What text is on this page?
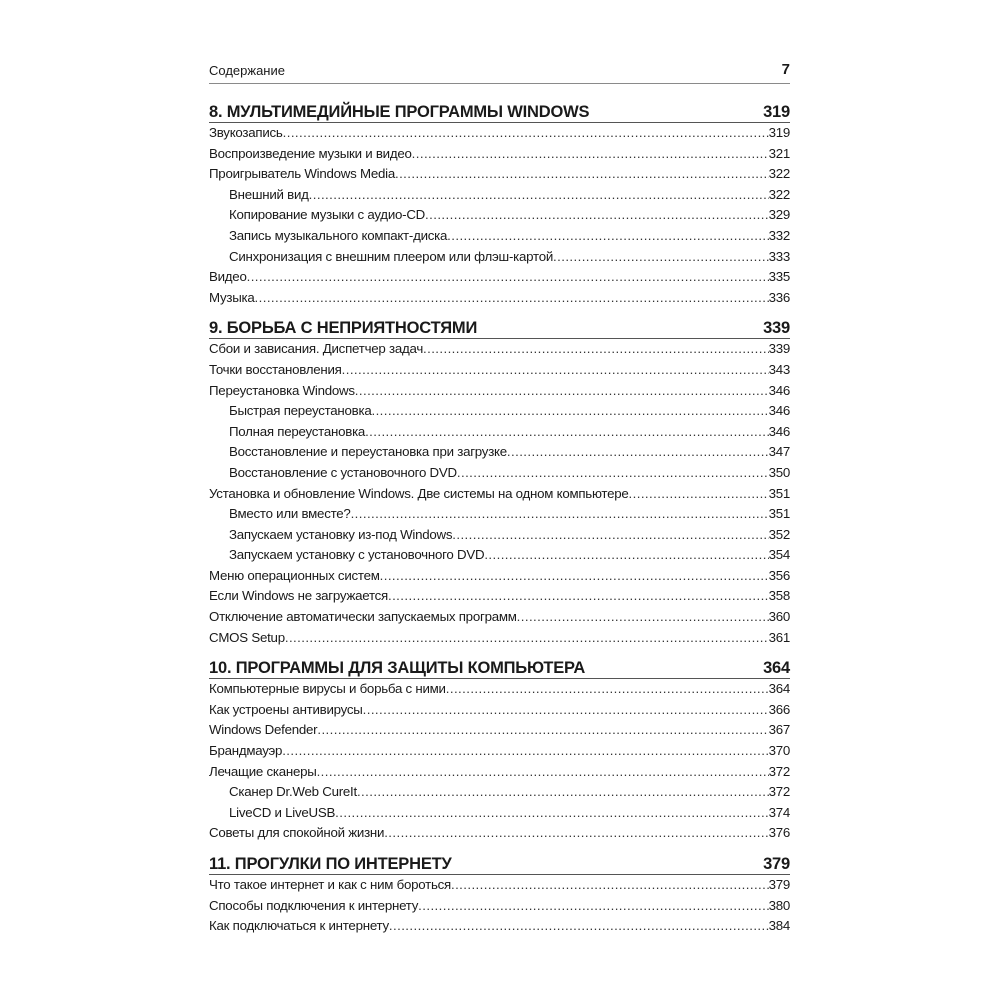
Содержание	7
8. МУЛЬТИМЕДИЙНЫЕ ПРОГРАММЫ WINDOWS	319
Звукозапись .....	319
Воспроизведение музыки и видео .....	321
Проигрыватель Windows Media .....	322
Внешний вид .....	322
Копирование музыки с аудио-CD .....	329
Запись музыкального компакт-диска .....	332
Синхронизация с внешним плеером или флэш-картой .....	333
Видео .....	335
Музыка .....	336
9. БОРЬБА С НЕПРИЯТНОСТЯМИ	339
Сбои и зависания. Диспетчер задач .....	339
Точки восстановления .....	343
Переустановка Windows .....	346
Быстрая переустановка .....	346
Полная переустановка .....	346
Восстановление и переустановка при загрузке .....	347
Восстановление с установочного DVD .....	350
Установка и обновление Windows. Две системы на одном компьютере .....	351
Вместо или вместе? .....	351
Запускаем установку из-под Windows .....	352
Запускаем установку с установочного DVD .....	354
Меню операционных систем .....	356
Если Windows не загружается .....	358
Отключение автоматически запускаемых программ .....	360
CMOS Setup .....	361
10. ПРОГРАММЫ ДЛЯ ЗАЩИТЫ КОМПЬЮТЕРА	364
Компьютерные вирусы и борьба с ними .....	364
Как устроены антивирусы .....	366
Windows Defender .....	367
Брандмауэр .....	370
Лечащие сканеры .....	372
Сканер Dr.Web CureIt .....	372
LiveCD и LiveUSB .....	374
Советы для спокойной жизни .....	376
11. ПРОГУЛКИ ПО ИНТЕРНЕТУ	379
Что такое интернет и как с ним бороться .....	379
Способы подключения к интернету .....	380
Как подключаться к интернету .....	384
